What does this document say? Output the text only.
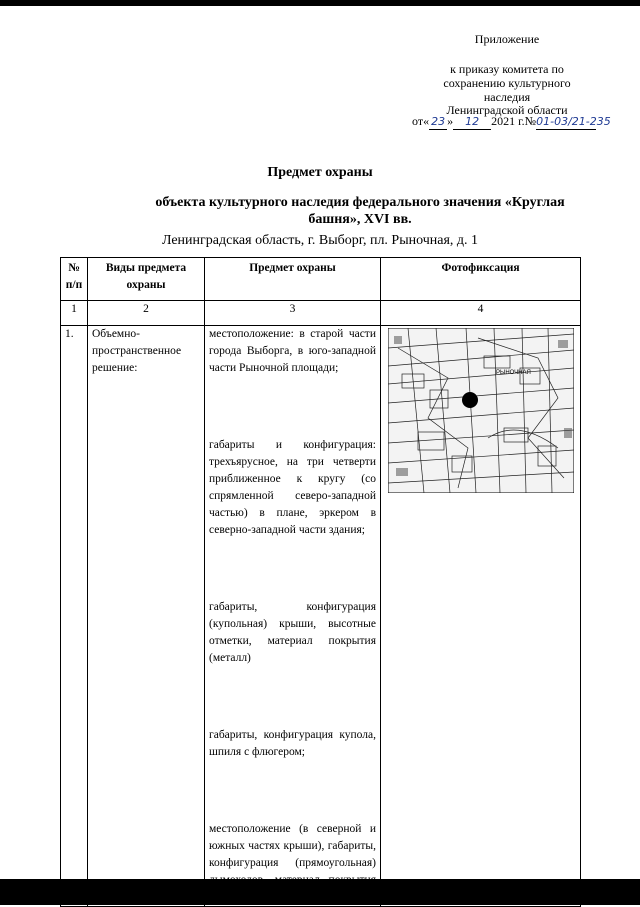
Приложение
к приказу комитета по
сохранению культурного
наследия
Ленинградской области
от« 23 » 12 2021 г.№01-03/21-235
Предмет охраны
объекта культурного наследия федерального значения «Круглая
башня», XVI вв.
Ленинградская область, г. Выборг, пл. Рыночная, д. 1
№ п/п	Виды предмета охраны	Предмет охраны	Фотофиксация
1	2	3	4
1.	Объемно-пространственное решение:	местоположение: в старой части города Выборга, в юго-западной части Рыночной площади;

габариты и конфигурация: трехъярусное, на три четверти приближенное к кругу (со спрямленной северо-западной частью) в плане, эркером в северно-западной части здания;

габариты, конфигурация (купольная) крыши, высотные отметки, материал покрытия (металл)

габариты, конфигурация купола, шпиля с флюгером;

местоположение (в северной и южных частях крыши), габариты, конфигурация (прямоугольная)	РЫНОЧНАЯ
